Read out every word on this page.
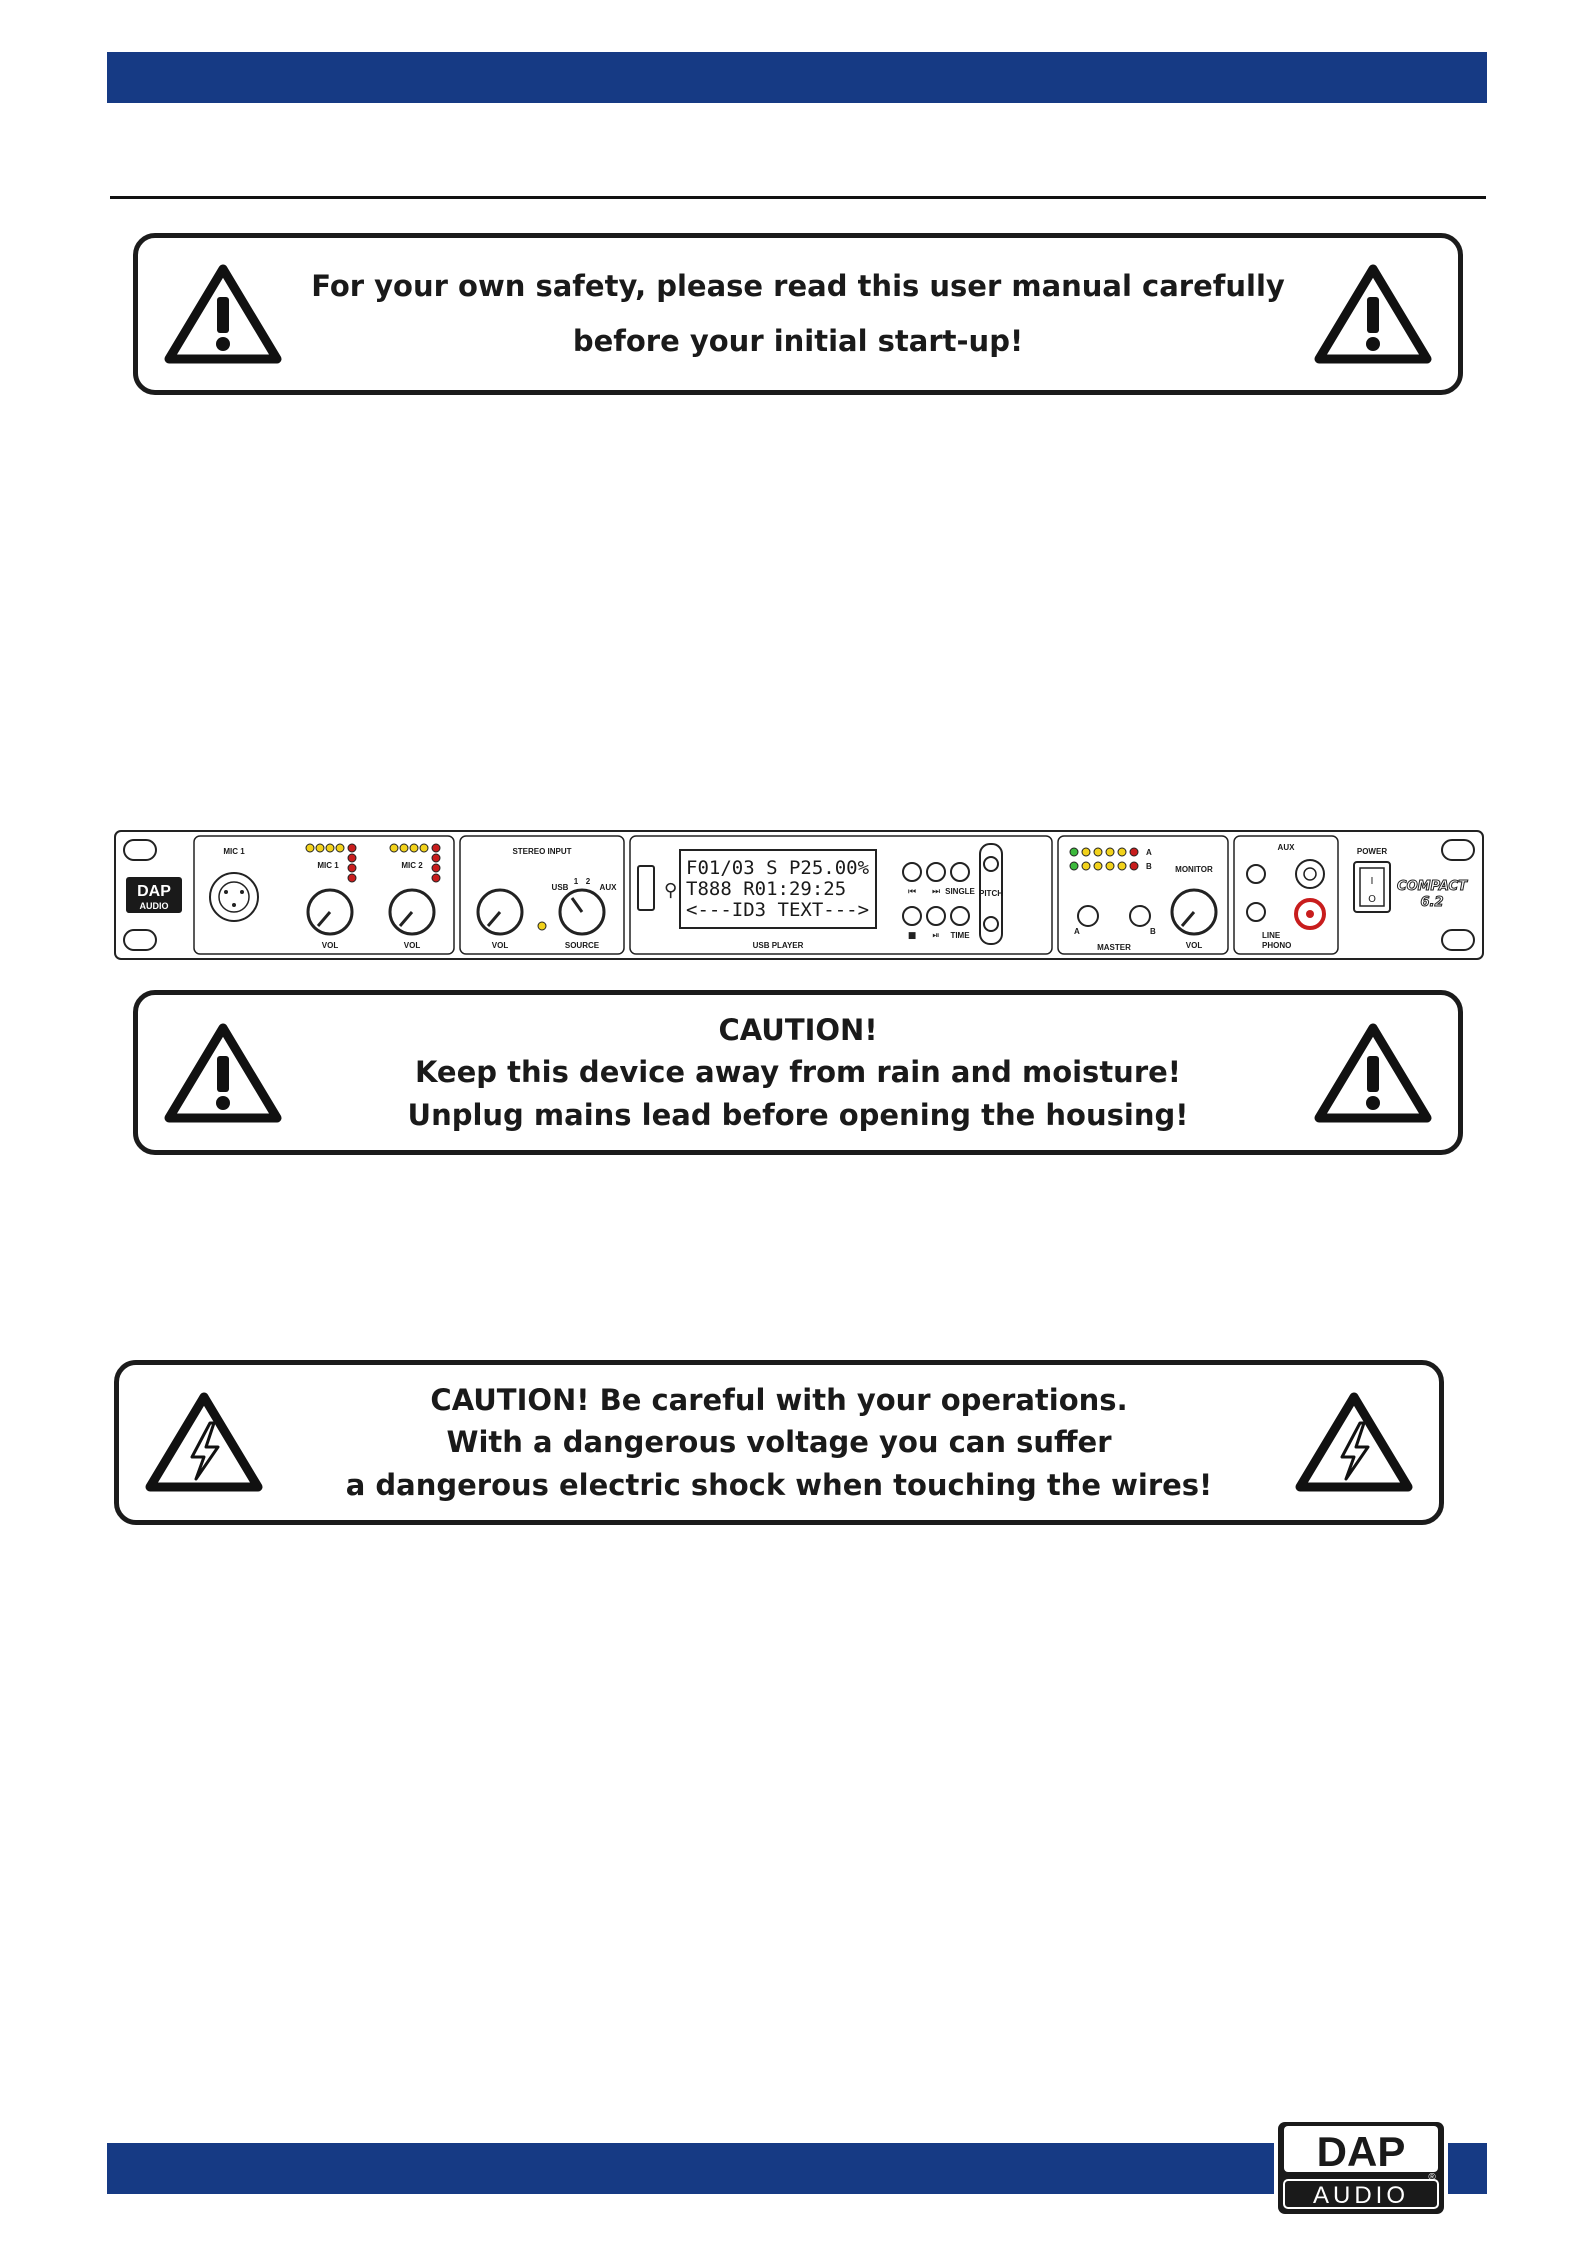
For your own safety, please read this user manual carefully
before your initial start-up!
DAP
AUDIO
MIC 1
MIC 1
VOL
MIC 2
VOL
STEREO INPUT
VOL
USB
1 2
AUX
SOURCE
⚲
F01/03 S P25.00%
T888 R01:29:25
<---ID3 TEXT--->
USB PLAYER
⏮ ⏭ SINGLE
■ ⏯ TIME
PITCH
A
B	MONITOR
A	B
MASTER	VOL
AUX
LINE
PHONO
POWER
I
O
COMPACT
6.2
CAUTION!
Keep this device away from rain and moisture!
Unplug mains lead before opening the housing!
CAUTION! Be careful with your operations.
With a dangerous voltage you can suffer
a dangerous electric shock when touching the wires!
DAP
®
AUDIO
